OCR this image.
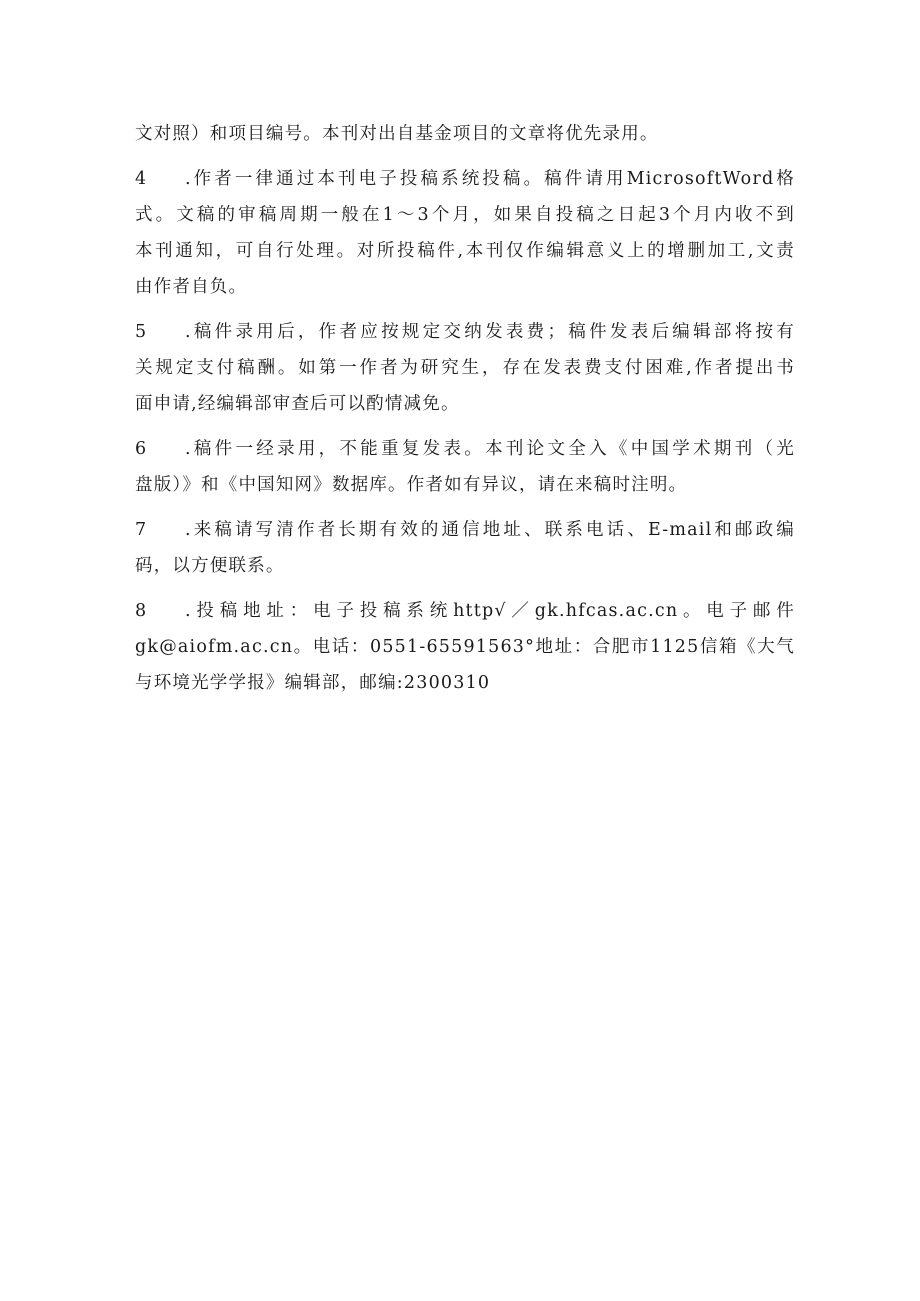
文对照）和项目编号。本刊对出自基金项目的文章将优先录用。
4 .作者一律通过本刊电子投稿系统投稿。稿件请用MicrosoftWord格
式。文稿的审稿周期一般在1～3个月，如果自投稿之日起3个月内收不到
本刊通知，可自行处理。对所投稿件,本刊仅作编辑意义上的增删加工,文责
由作者自负。
5 .稿件录用后，作者应按规定交纳发表费；稿件发表后编辑部将按有
关规定支付稿酬。如第一作者为研究生，存在发表费支付困难,作者提出书
面申请,经编辑部审查后可以酌情减免。
6 .稿件一经录用，不能重复发表。本刊论文全入《中国学术期刊（光
盘版）》和《中国知网》数据库。作者如有异议，请在来稿时注明。
7 .来稿请写清作者长期有效的通信地址、联系电话、E-mail和邮政编
码，以方便联系。
8 .投稿地址：电子投稿系统http√／gk.hfcas.ac.cn。电子邮件
gk@aiofm.ac.cn。电话：0551-65591563°地址：合肥市1125信箱《大气
与环境光学学报》编辑部，邮编:2300310
